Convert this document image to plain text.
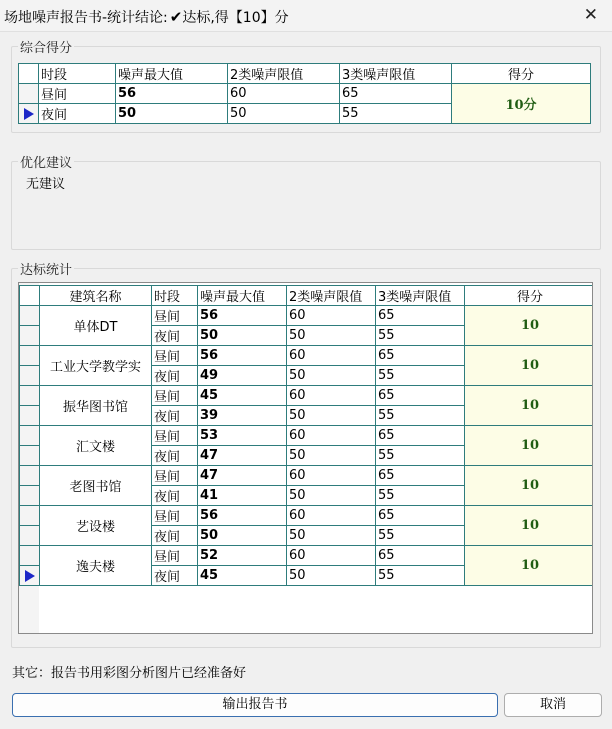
场地噪声报告书-统计结论: ✔达标,得【10】分	✕
综合得分
	时段	噪声最大值	2类噪声限值	3类噪声限值	得分
	昼间	56	60	65	10分

	夜间	50	50	55	
优化建议
无建议
达标统计
	建筑名称	时段	噪声最大值	2类噪声限值	3类噪声限值	得分
	单体DT	昼间	56	60	65	10
		夜间	50	50	55	
	工业大学教学实	昼间	56	60	65	10
		夜间	49	50	55	
	振华图书馆	昼间	45	60	65	10
		夜间	39	50	55	
	汇文楼	昼间	53	60	65	10
		夜间	47	50	55	
	老图书馆	昼间	47	60	65	10
		夜间	41	50	55	
	艺设楼	昼间	56	60	65	10
		夜间	50	50	55	
	逸夫楼	昼间	52	60	65	10

		夜间	45	50	55	
其它：报告书用彩图分析图片已经准备好
输出报告书	取消
